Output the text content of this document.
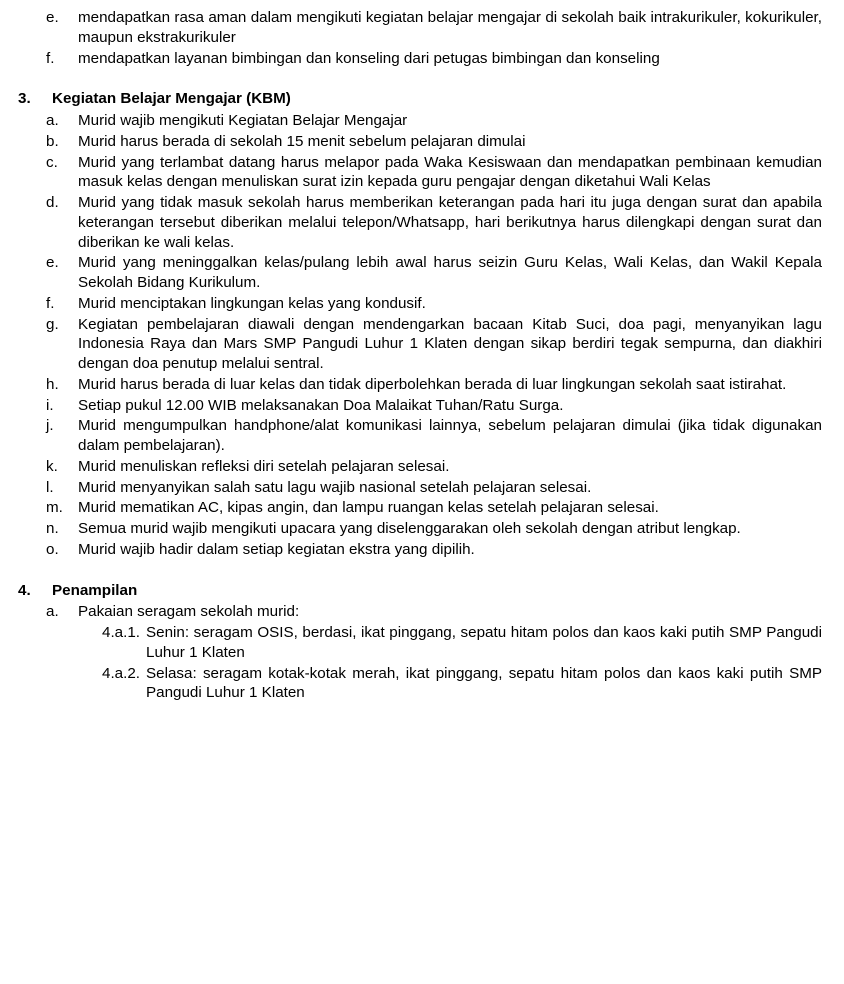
e.	mendapatkan rasa aman dalam mengikuti kegiatan belajar mengajar di sekolah baik intrakurikuler, kokurikuler, maupun ekstrakurikuler
f.	mendapatkan layanan bimbingan dan konseling dari petugas bimbingan dan konseling
3.	Kegiatan Belajar Mengajar (KBM)
a.	Murid wajib mengikuti Kegiatan Belajar Mengajar
b.	Murid harus berada di sekolah 15 menit sebelum pelajaran dimulai
c.	Murid yang terlambat datang harus melapor pada Waka Kesiswaan dan mendapatkan pembinaan kemudian masuk kelas dengan menuliskan surat izin kepada guru pengajar dengan diketahui Wali Kelas
d.	Murid yang tidak masuk sekolah harus memberikan keterangan pada hari itu juga dengan surat dan apabila keterangan tersebut diberikan melalui telepon/Whatsapp, hari berikutnya harus dilengkapi dengan surat dan diberikan ke wali kelas.
e.	Murid yang meninggalkan kelas/pulang lebih awal harus seizin Guru Kelas, Wali Kelas, dan Wakil Kepala Sekolah Bidang Kurikulum.
f.	Murid menciptakan lingkungan kelas yang kondusif.
g.	Kegiatan pembelajaran diawali dengan mendengarkan bacaan Kitab Suci, doa pagi, menyanyikan lagu Indonesia Raya dan Mars SMP Pangudi Luhur 1 Klaten dengan sikap berdiri tegak sempurna, dan diakhiri dengan doa penutup melalui sentral.
h.	Murid harus berada di luar kelas dan tidak diperbolehkan berada di luar lingkungan sekolah saat istirahat.
i.	Setiap pukul 12.00 WIB melaksanakan Doa Malaikat Tuhan/Ratu Surga.
j.	Murid mengumpulkan handphone/alat komunikasi lainnya, sebelum pelajaran dimulai (jika tidak digunakan dalam pembelajaran).
k.	Murid menuliskan refleksi diri setelah pelajaran selesai.
l.	Murid menyanyikan salah satu lagu wajib nasional setelah pelajaran selesai.
m. Murid mematikan AC, kipas angin, dan lampu ruangan kelas setelah pelajaran selesai.
n.	Semua murid wajib mengikuti upacara yang diselenggarakan oleh sekolah dengan atribut lengkap.
o.	Murid wajib hadir dalam setiap kegiatan ekstra yang dipilih.
4.	Penampilan
a.	Pakaian seragam sekolah murid:
4.a.1. Senin: seragam OSIS, berdasi, ikat pinggang, sepatu hitam polos dan kaos kaki putih SMP Pangudi Luhur 1 Klaten
4.a.2. Selasa: seragam kotak-kotak merah, ikat pinggang, sepatu hitam polos dan kaos kaki putih SMP Pangudi Luhur 1 Klaten
